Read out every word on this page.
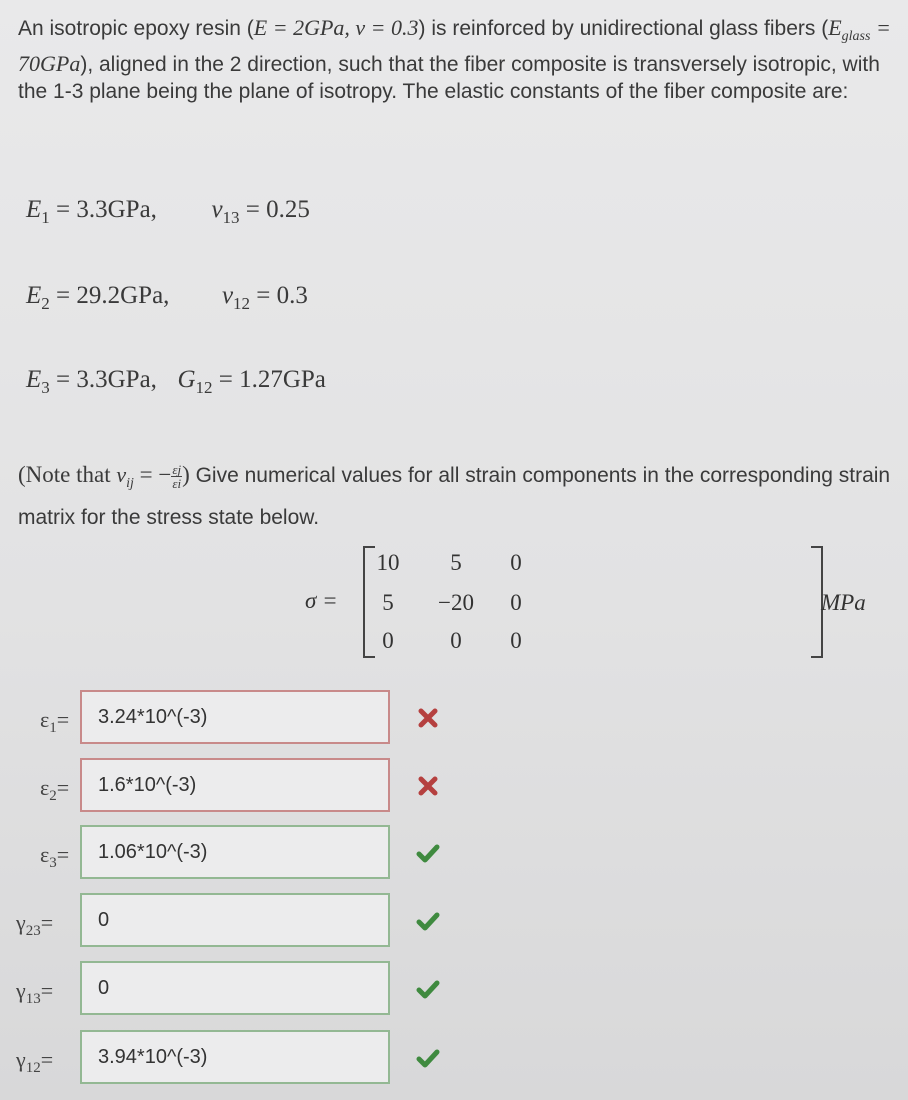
An isotropic epoxy resin (E = 2GPa, v = 0.3) is reinforced by unidirectional glass fibers $(E_{glass} = 70GPa)$, aligned in the 2 direction, such that the fiber composite is transversely isotropic, with the 1-3 plane being the plane of isotropy. The elastic constants of the fiber composite are:
$E_1 = 3.3GPa$, $v_{13} = 0.25$
$E_2 = 29.2GPa$, $v_{12} = 0.3$
$E_3 = 3.3GPa$, $G_{12} = 1.27GPa$
(Note that $v_{ij}$ = − $\frac{\varepsilon j}{\varepsilon i}$ ) Give numerical values for all strain components in the corresponding strain matrix for the stress state below.
σ =
10	5	0
5	−20	0
0	0	0
MPa
$\varepsilon_1=$
3.24*10^(-3)
$\varepsilon_2=$
1.6*10^(-3)
$\varepsilon_3=$
1.06*10^(-3)
$\gamma_{23}=$
0
$\gamma_{13}=$
0
$\gamma_{12}=$
3.94*10^(-3)
